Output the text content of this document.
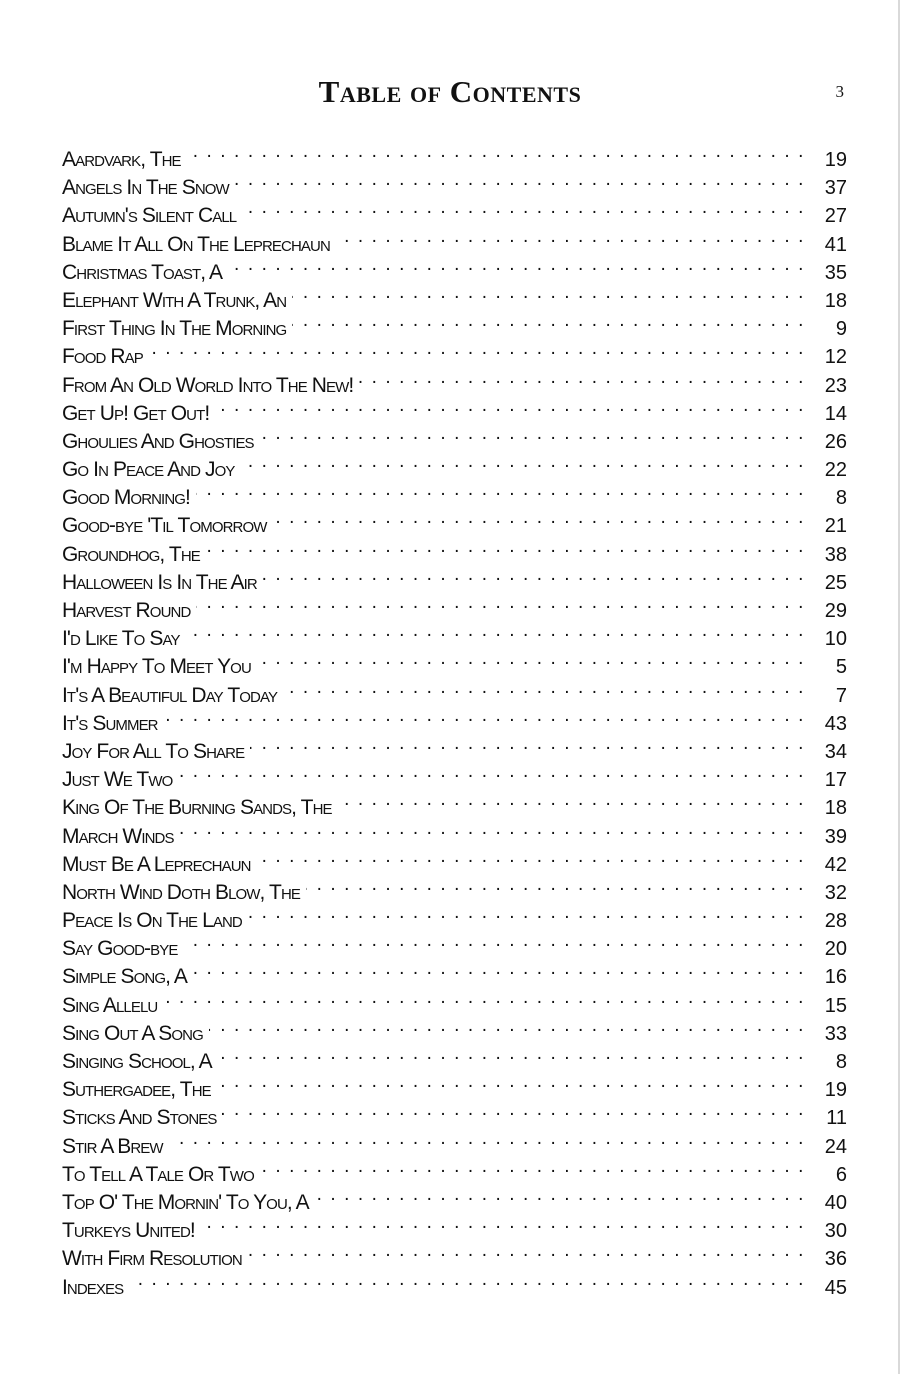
Table of Contents	3
Aardvark, The . . .	19
Angels In The Snow . . .	37
Autumn's Silent Call . . .	27
Blame It All On The Leprechaun . . .	41
Christmas Toast, A . . .	35
Elephant With A Trunk, An . . .	18
First Thing In The Morning . . .	9
Food Rap . . .	12
From An Old World Into The New! . . .	23
Get Up! Get Out! . . .	14
Ghoulies And Ghosties . . .	26
Go In Peace And Joy . . .	22
Good Morning! . . .	8
Good-bye 'Til Tomorrow . . .	21
Groundhog, The . . .	38
Halloween Is In The Air . . .	25
Harvest Round . . .	29
I'd Like To Say . . .	10
I'm Happy To Meet You . . .	5
It's A Beautiful Day Today . . .	7
It's Summer . . .	43
Joy For All To Share . . .	34
Just We Two . . .	17
King Of The Burning Sands, The . . .	18
March Winds . . .	39
Must Be A Leprechaun . . .	42
North Wind Doth Blow, The . . .	32
Peace Is On The Land . . .	28
Say Good-bye . . .	20
Simple Song, A . . .	16
Sing Allelu . . .	15
Sing Out A Song . . .	33
Singing School, A . . .	8
Suthergadee, The . . .	19
Sticks And Stones . . .	11
Stir A Brew . . .	24
To Tell A Tale Or Two . . .	6
Top O' The Mornin' To You, A . . .	40
Turkeys United! . . .	30
With Firm Resolution . . .	36
Indexes . . .	45
